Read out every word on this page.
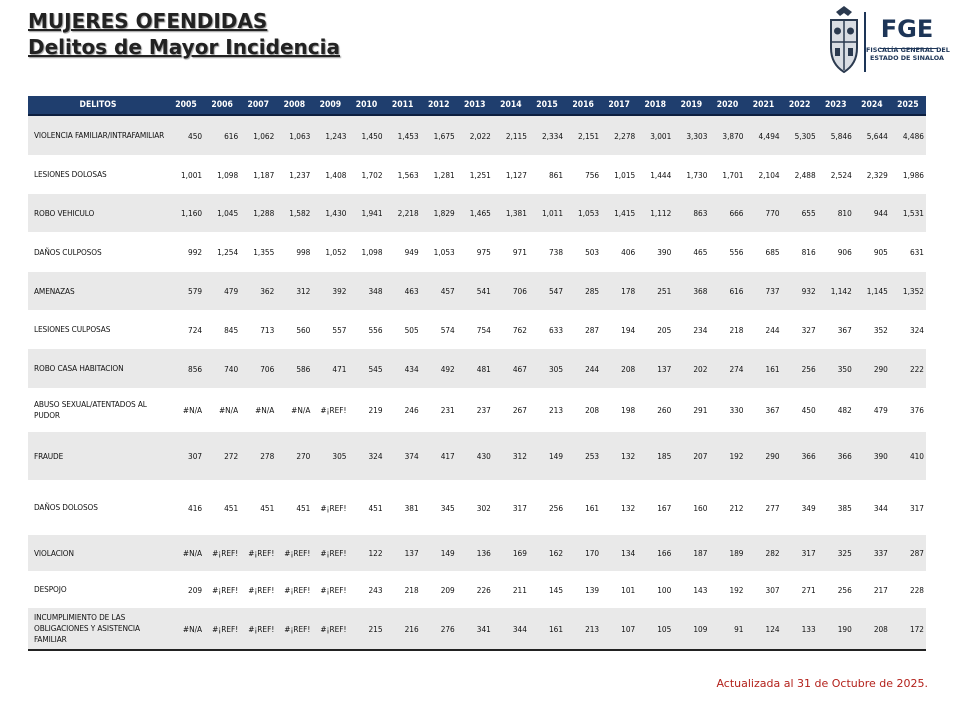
MUJERES OFENDIDAS
Delitos de Mayor Incidencia
FGE
FISCALÍA GENERAL DEL
ESTADO DE SINALOA
DELITOS	2005	2006	2007	2008	2009	2010	2011	2012	2013	2014	2015	2016	2017	2018	2019	2020	2021	2022	2023	2024	2025
VIOLENCIA FAMILIAR/INTRAFAMILIAR	450	616	1,062	1,063	1,243	1,450	1,453	1,675	2,022	2,115	2,334	2,151	2,278	3,001	3,303	3,870	4,494	5,305	5,846	5,644	4,486
LESIONES DOLOSAS	1,001	1,098	1,187	1,237	1,408	1,702	1,563	1,281	1,251	1,127	861	756	1,015	1,444	1,730	1,701	2,104	2,488	2,524	2,329	1,986
ROBO VEHICULO	1,160	1,045	1,288	1,582	1,430	1,941	2,218	1,829	1,465	1,381	1,011	1,053	1,415	1,112	863	666	770	655	810	944	1,531
DAÑOS CULPOSOS	992	1,254	1,355	998	1,052	1,098	949	1,053	975	971	738	503	406	390	465	556	685	816	906	905	631
AMENAZAS	579	479	362	312	392	348	463	457	541	706	547	285	178	251	368	616	737	932	1,142	1,145	1,352
LESIONES CULPOSAS	724	845	713	560	557	556	505	574	754	762	633	287	194	205	234	218	244	327	367	352	324
ROBO CASA HABITACION	856	740	706	586	471	545	434	492	481	467	305	244	208	137	202	274	161	256	350	290	222
ABUSO SEXUAL/ATENTADOS AL PUDOR	#N/A	#N/A	#N/A	#N/A	#¡REF!	219	246	231	237	267	213	208	198	260	291	330	367	450	482	479	376
FRAUDE	307	272	278	270	305	324	374	417	430	312	149	253	132	185	207	192	290	366	366	390	410
DAÑOS DOLOSOS	416	451	451	451	#¡REF!	451	381	345	302	317	256	161	132	167	160	212	277	349	385	344	317
VIOLACION	#N/A	#¡REF!	#¡REF!	#¡REF!	#¡REF!	122	137	149	136	169	162	170	134	166	187	189	282	317	325	337	287
DESPOJO	209	#¡REF!	#¡REF!	#¡REF!	#¡REF!	243	218	209	226	211	145	139	101	100	143	192	307	271	256	217	228
INCUMPLIMIENTO DE LAS OBLIGACIONES Y ASISTENCIA FAMILIAR	#N/A	#¡REF!	#¡REF!	#¡REF!	#¡REF!	215	216	276	341	344	161	213	107	105	109	91	124	133	190	208	172
Actualizada al 31 de Octubre de 2025.
